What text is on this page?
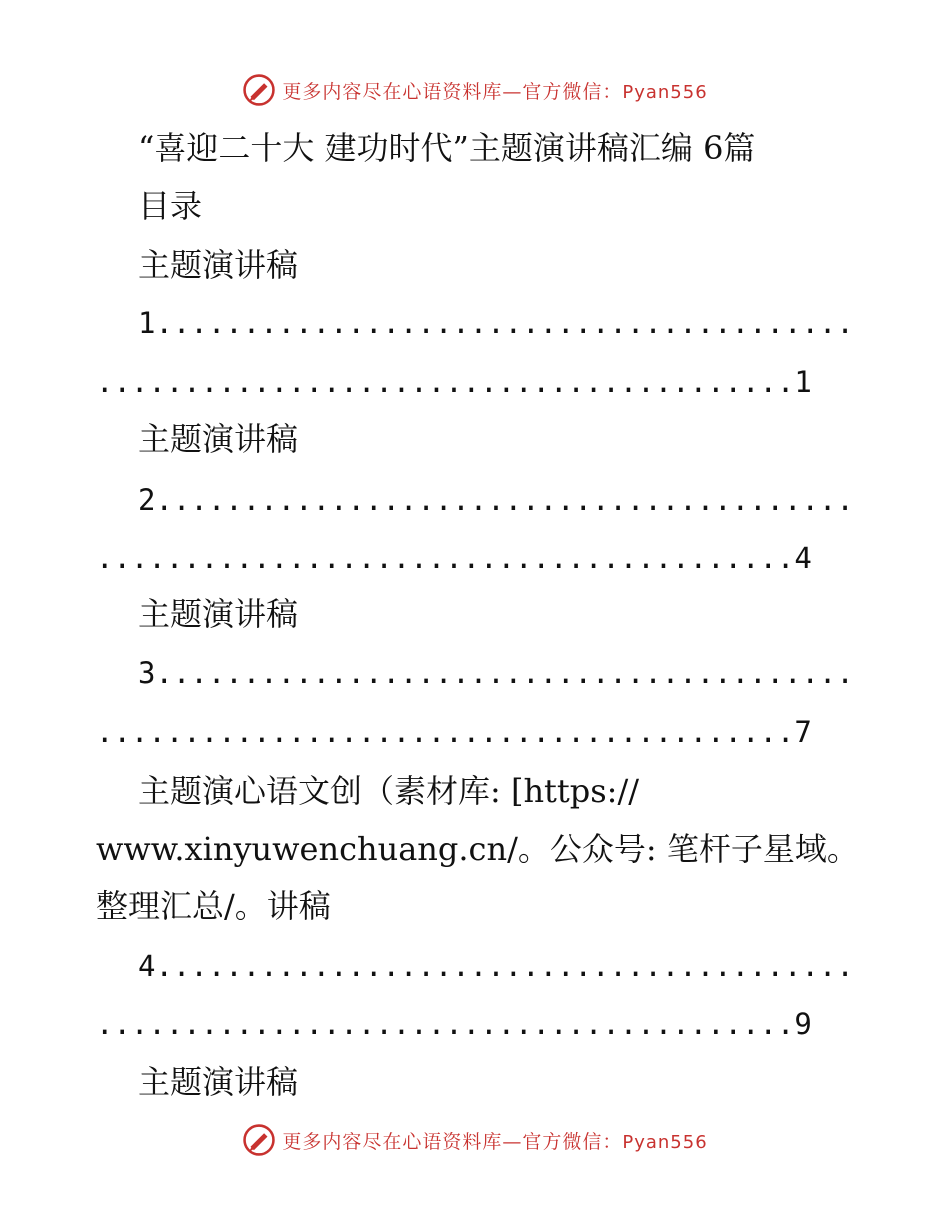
更多内容尽在心语资料库—官方微信：Pyan556
“喜迎二十大 建功时代”主题演讲稿汇编 6篇
目录
主题演讲稿
1........................................
........................................1
主题演讲稿
2........................................
........................................4
主题演讲稿
3........................................
........................................7
主题演心语文创（素材库: [https://
www.xinyuwenchuang.cn/。公众号: 笔杆子星域。
整理汇总/。讲稿
4........................................
........................................9
主题演讲稿
更多内容尽在心语资料库—官方微信：Pyan556
